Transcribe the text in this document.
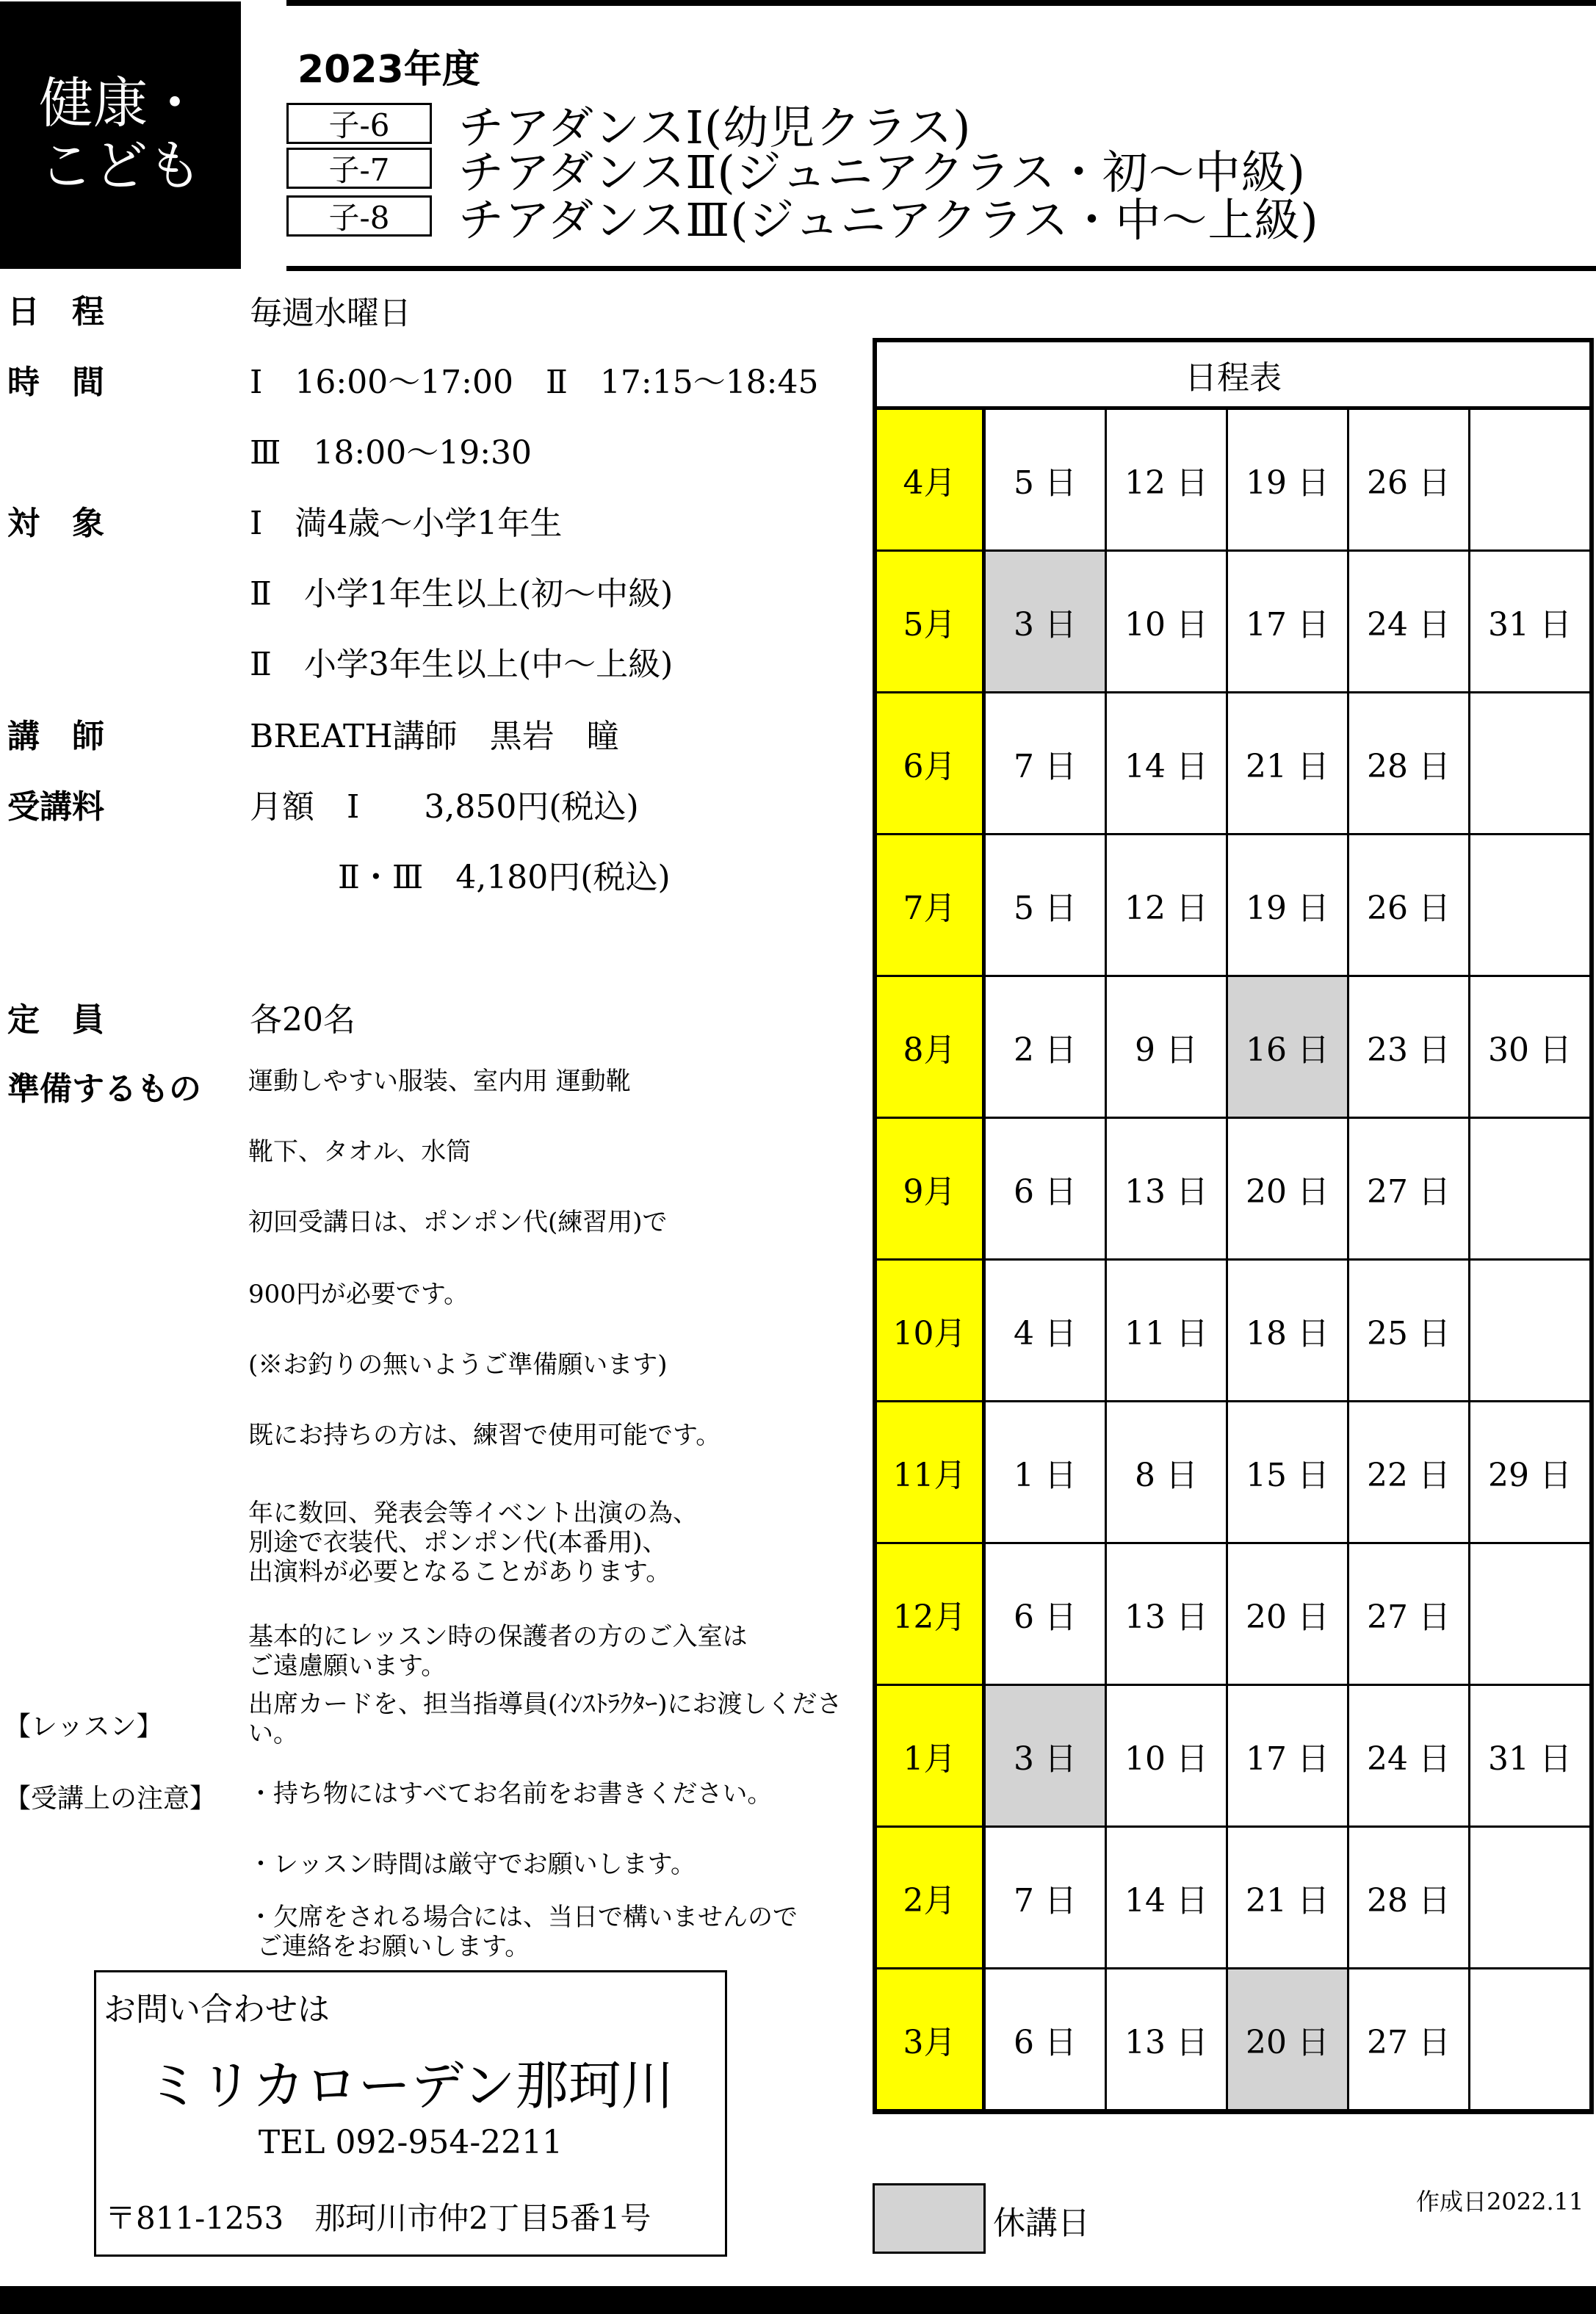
健康・
こども
2023年度
子-6	チアダンスⅠ(幼児クラス)
子-7	チアダンスⅡ(ジュニアクラス・初～中級)
子-8	チアダンスⅢ(ジュニアクラス・中～上級)
日　程	毎週水曜日
時　間	Ⅰ　16:00～17:00　Ⅱ　17:15～18:45
Ⅲ　18:00～19:30
対　象	Ⅰ　満4歳～小学1年生
Ⅱ　小学1年生以上(初～中級)
Ⅱ　小学3年生以上(中～上級)
講　師	BREATH講師　黒岩　瞳
受講料	月額　Ⅰ　　3,850円(税込)
Ⅱ・Ⅲ　4,180円(税込)
定　員	各20名
準備するもの 運動しやすい服装、室内用 運動靴
靴下、タオル、水筒
初回受講日は、ポンポン代(練習用)で
900円が必要です。
(※お釣りの無いようご準備願います)
既にお持ちの方は、練習で使用可能です。
年に数回、発表会等イベント出演の為、
別途で衣装代、ポンポン代(本番用)、
出演料が必要となることがあります。
基本的にレッスン時の保護者の方のご入室は
ご遠慮願います。
【レッスン】
出席カードを、担当指導員(ｲﾝｽﾄﾗｸﾀｰ)にお渡しくださ
い。
【受講上の注意】 ・持ち物にはすべてお名前をお書きください。
・レッスン時間は厳守でお願いします。
・欠席をされる場合には、当日で構いませんので
ご連絡をお願いします。
お問い合わせは
ミリカローデン那珂川
TEL 092-954-2211
〒811-1253　那珂川市仲2丁目5番1号
日程表
4月	5 日	12 日	19 日	26 日
5月	3 日	10 日	17 日	24 日	31 日
6月	7 日	14 日	21 日	28 日
7月	5 日	12 日	19 日	26 日
8月	2 日	9 日	16 日	23 日	30 日
9月	6 日	13 日	20 日	27 日
10月	4 日	11 日	18 日	25 日
11月	1 日	8 日	15 日	22 日	29 日
12月	6 日	13 日	20 日	27 日
1月	3 日	10 日	17 日	24 日	31 日
2月	7 日	14 日	21 日	28 日
3月	6 日	13 日	20 日	27 日
休講日
作成日2022.11
